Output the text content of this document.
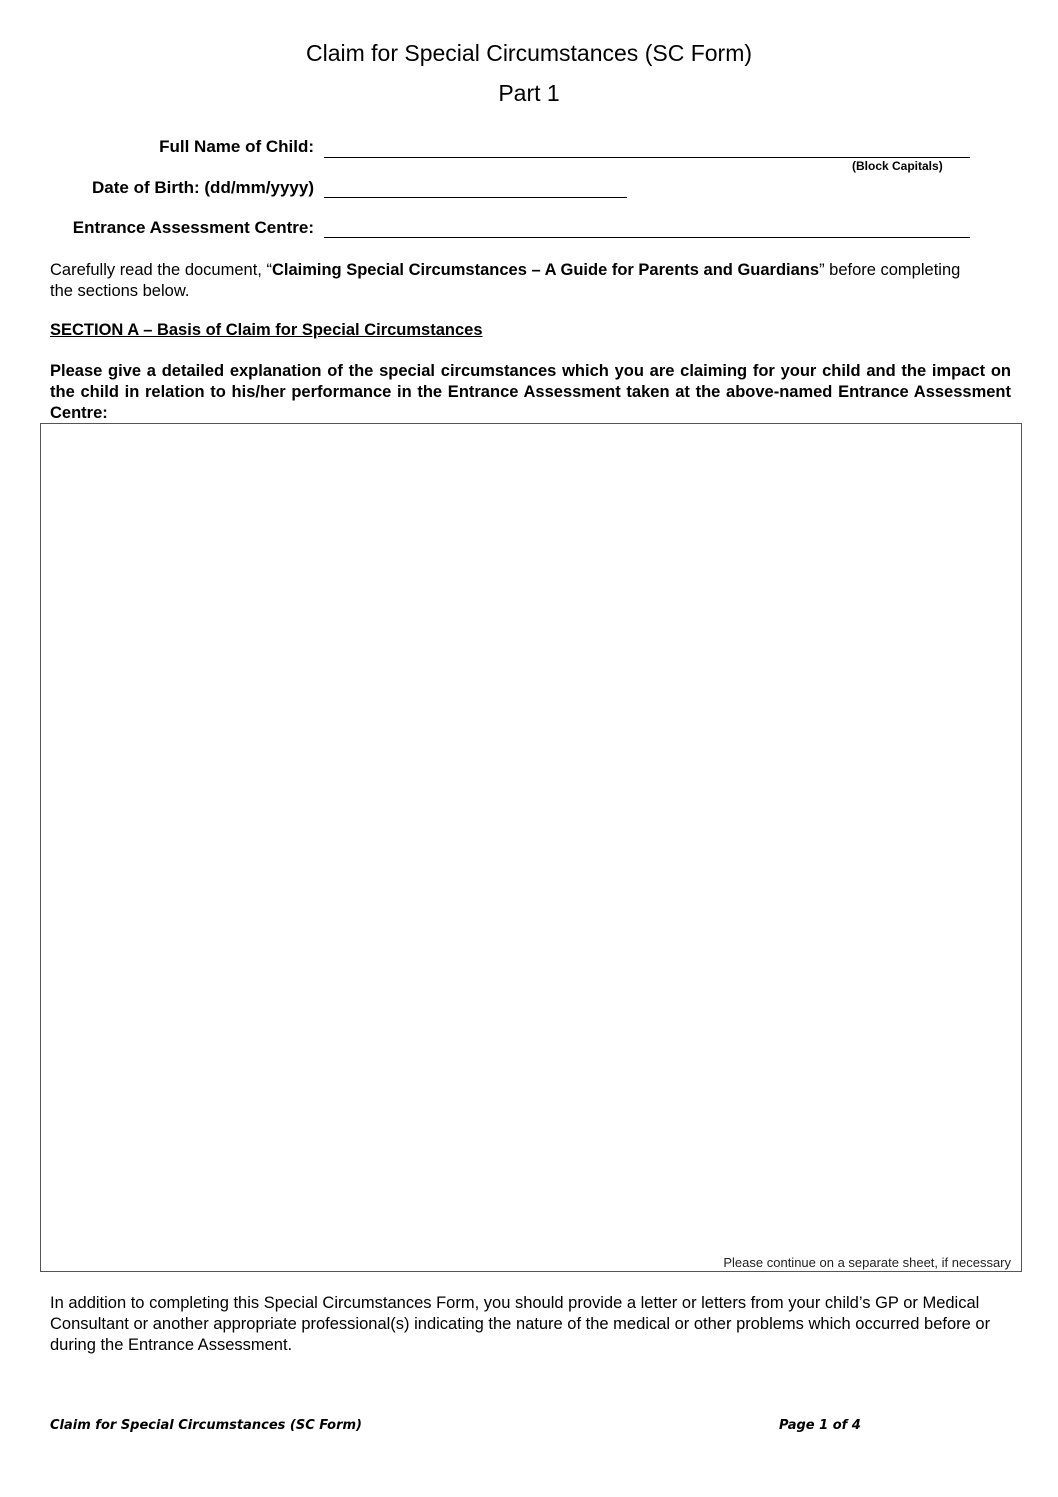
Claim for Special Circumstances (SC Form)
Part 1
Full Name of Child:
(Block Capitals)
Date of Birth: (dd/mm/yyyy)
Entrance Assessment Centre:
Carefully read the document, “Claiming Special Circumstances – A Guide for Parents and Guardians” before completing the sections below.
SECTION A – Basis of Claim for Special Circumstances
Please give a detailed explanation of the special circumstances which you are claiming for your child and the impact on the child in relation to his/her performance in the Entrance Assessment taken at the above-named Entrance Assessment Centre:
Please continue on a separate sheet, if necessary
In addition to completing this Special Circumstances Form, you should provide a letter or letters from your child’s GP or Medical Consultant or another appropriate professional(s) indicating the nature of the medical or other problems which occurred before or during the Entrance Assessment.
Claim for Special Circumstances (SC Form)	Page 1 of 4
